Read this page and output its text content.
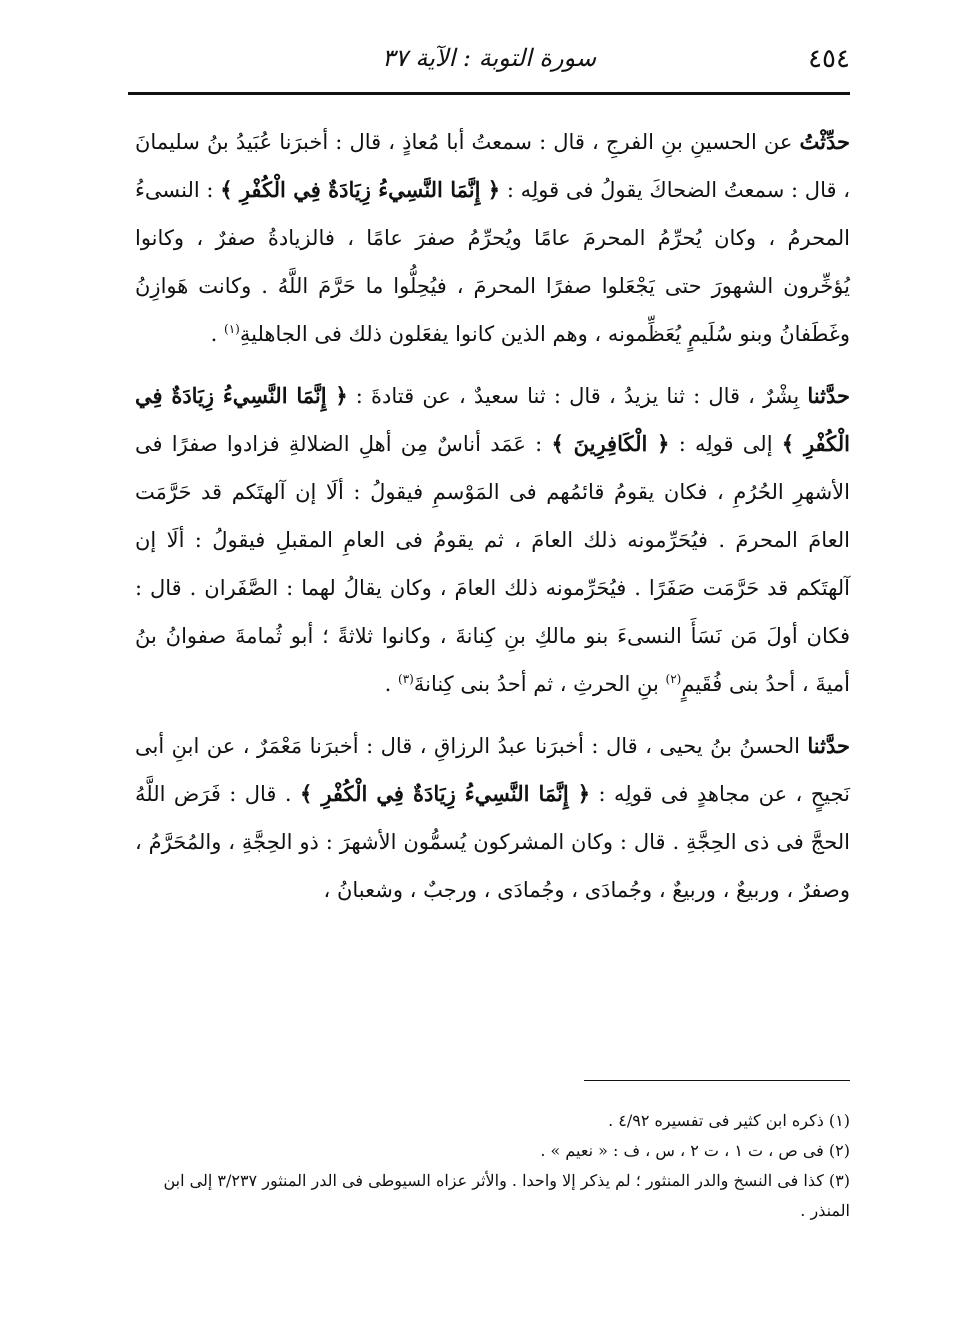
٤٥٤
سورة التوبة : الآية ٣٧

حدِّثْتُ عن الحسينِ بنِ الفرجِ ، قال : سمعتُ أبا مُعاذٍ ، قال : أخبرَنا عُبَيدُ بنُ سليمانَ ، قال : سمعتُ الضحاكَ يقولُ فى قولِه : ﴿ إِنَّمَا النَّسِيءُ زِيَادَةٌ فِي الْكُفْرِ ﴾ : النسىءُ المحرمُ ، وكان يُحرِّمُ المحرمَ عامًا ويُحرِّمُ صفرَ عامًا ، فالزيادةُ صفرٌ ، وكانوا يُؤخِّرون الشهورَ حتى يَجْعَلوا صفرًا المحرمَ ، فيُحِلُّوا ما حَرَّمَ اللَّهُ . وكانت هَوازِنُ وغَطَفانُ وبنو سُلَيمٍ يُعَظِّمونه ، وهم الذين كانوا يفعَلون ذلك فى الجاهليةِ$^{(١)}$ .

حدَّثنا بِشْرٌ ، قال : ثنا يزيدُ ، قال : ثنا سعيدٌ ، عن قتادةَ : ﴿ إِنَّمَا النَّسِيءُ زِيَادَةٌ فِي الْكُفْرِ ﴾ إلى قولِه : ﴿ الْكَافِرِينَ ﴾ : عَمَد أناسٌ مِن أهلِ الضلالةِ فزادوا صفرًا فى الأشهرِ الحُرُمِ ، فكان يقومُ قائمُهم فى المَوْسمِ فيقولُ : ألَا إن آلهتَكم قد حَرَّمَت العامَ المحرمَ . فيُحَرِّمونه ذلك العامَ ، ثم يقومُ فى العامِ المقبلِ فيقولُ : ألَا إن آلهتَكم قد حَرَّمَت صَفَرًا . فيُحَرِّمونه ذلك العامَ ، وكان يقالُ لهما : الصَّفَران . قال : فكان أولَ مَن نَسَأَ النسىءَ بنو مالكِ بنِ كِنانةَ ، وكانوا ثلاثةً ؛ أبو ثُمامةَ صفوانُ بنُ أميةَ ، أحدُ بنى فُقَيمٍ$^{(٢)}$ بنِ الحرثِ ، ثم أحدُ بنى كِنانةَ$^{(٣)}$ .

حدَّثنا الحسنُ بنُ يحيى ، قال : أخبرَنا عبدُ الرزاقِ ، قال : أخبرَنا مَعْمَرٌ ، عن ابنِ أبى نَجيحٍ ، عن مجاهدٍ فى قولِه : ﴿ إِنَّمَا النَّسِيءُ زِيَادَةٌ فِي الْكُفْرِ ﴾ . قال : فَرَض اللَّهُ الحجَّ فى ذى الحِجَّةِ . قال : وكان المشركون يُسمُّون الأشهرَ : ذو الحِجَّةِ ، والمُحَرَّمُ ، وصفرٌ ، وربيعٌ ، وربيعٌ ، وجُمادَى ، وجُمادَى ، ورجبٌ ، وشعبانُ ،

(١) ذكره ابن كثير فى تفسيره ٤/٩٢ .

(٢) فى ص ، ت ١ ، ت ٢ ، س ، ف : « نعيم » .

(٣) كذا فى النسخ والدر المنثور ؛ لم يذكر إلا واحدا . والأثر عزاه السيوطى فى الدر المنثور ٣/٢٣٧ إلى ابن المنذر .
